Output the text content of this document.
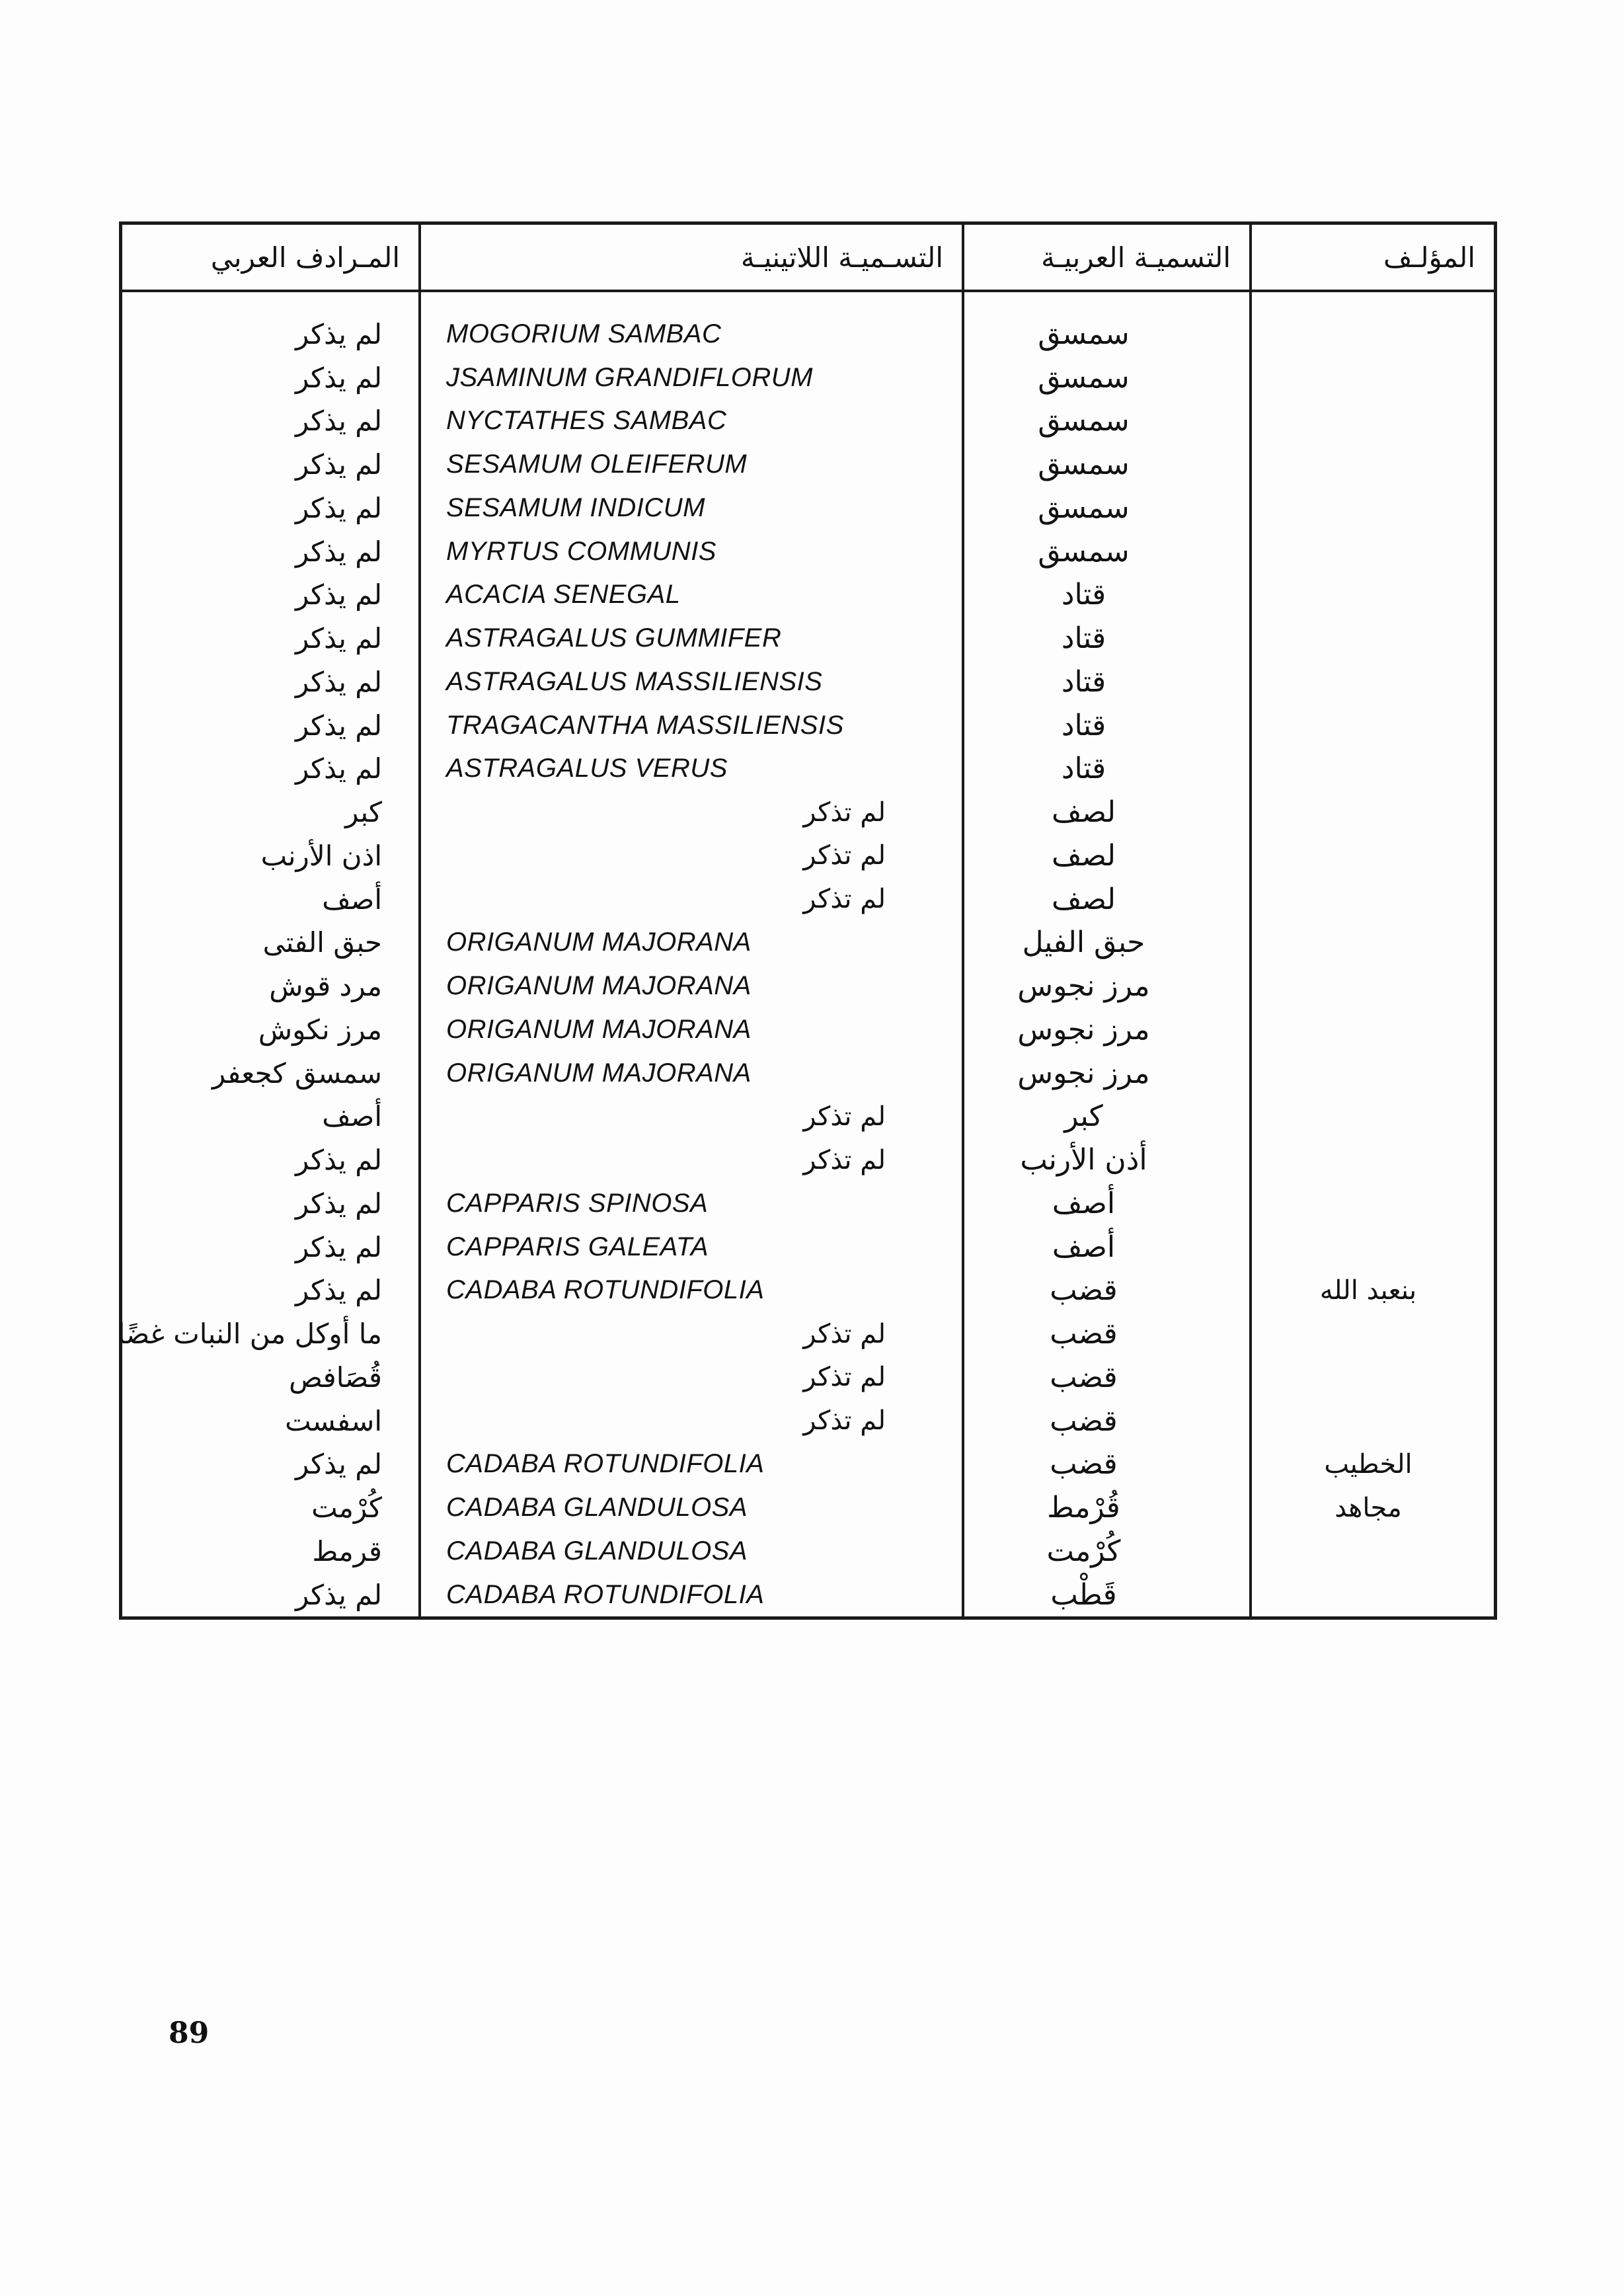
المؤلـف	التسميـة العربيـة	التسـميـة اللاتينيـة	المـرادف العربي
	سمسق	MOGORIUM SAMBAC	لم يذكر
	سمسق	JSAMINUM GRANDIFLORUM	لم يذكر
	سمسق	NYCTATHES SAMBAC	لم يذكر
	سمسق	SESAMUM OLEIFERUM	لم يذكر
	سمسق	SESAMUM INDICUM	لم يذكر
	سمسق	MYRTUS COMMUNIS	لم يذكر
	قتاد	ACACIA SENEGAL	لم يذكر
	قتاد	ASTRAGALUS GUMMIFER	لم يذكر
	قتاد	ASTRAGALUS MASSILIENSIS	لم يذكر
	قتاد	TRAGACANTHA MASSILIENSIS	لم يذكر
	قتاد	ASTRAGALUS VERUS	لم يذكر
	لصف	لم تذكر	كبر
	لصف	لم تذكر	اذن الأرنب
	لصف	لم تذكر	أصف
	حبق الفيل	ORIGANUM MAJORANA	حبق الفتى
	مرز نجوس	ORIGANUM MAJORANA	مرد قوش
	مرز نجوس	ORIGANUM MAJORANA	مرز نكوش
	مرز نجوس	ORIGANUM MAJORANA	سمسق كجعفر
	كبر	لم تذكر	أصف
	أذن الأرنب	لم تذكر	لم يذكر
	أصف	CAPPARIS SPINOSA	لم يذكر
	أصف	CAPPARIS GALEATA	لم يذكر
بنعبد الله	قضب	CADABA ROTUNDIFOLIA	لم يذكر
	قضب	لم تذكر	ما أوكل من النبات غضًا
	قضب	لم تذكر	قُصَافص
	قضب	لم تذكر	اسفست
الخطيب	قضب	CADABA ROTUNDIFOLIA	لم يذكر
مجاهد	قُرْمط	CADABA GLANDULOSA	كُرْمت
	كُرْمت	CADABA GLANDULOSA	قرمط
	قَطْب	CADABA ROTUNDIFOLIA	لم يذكر
89
